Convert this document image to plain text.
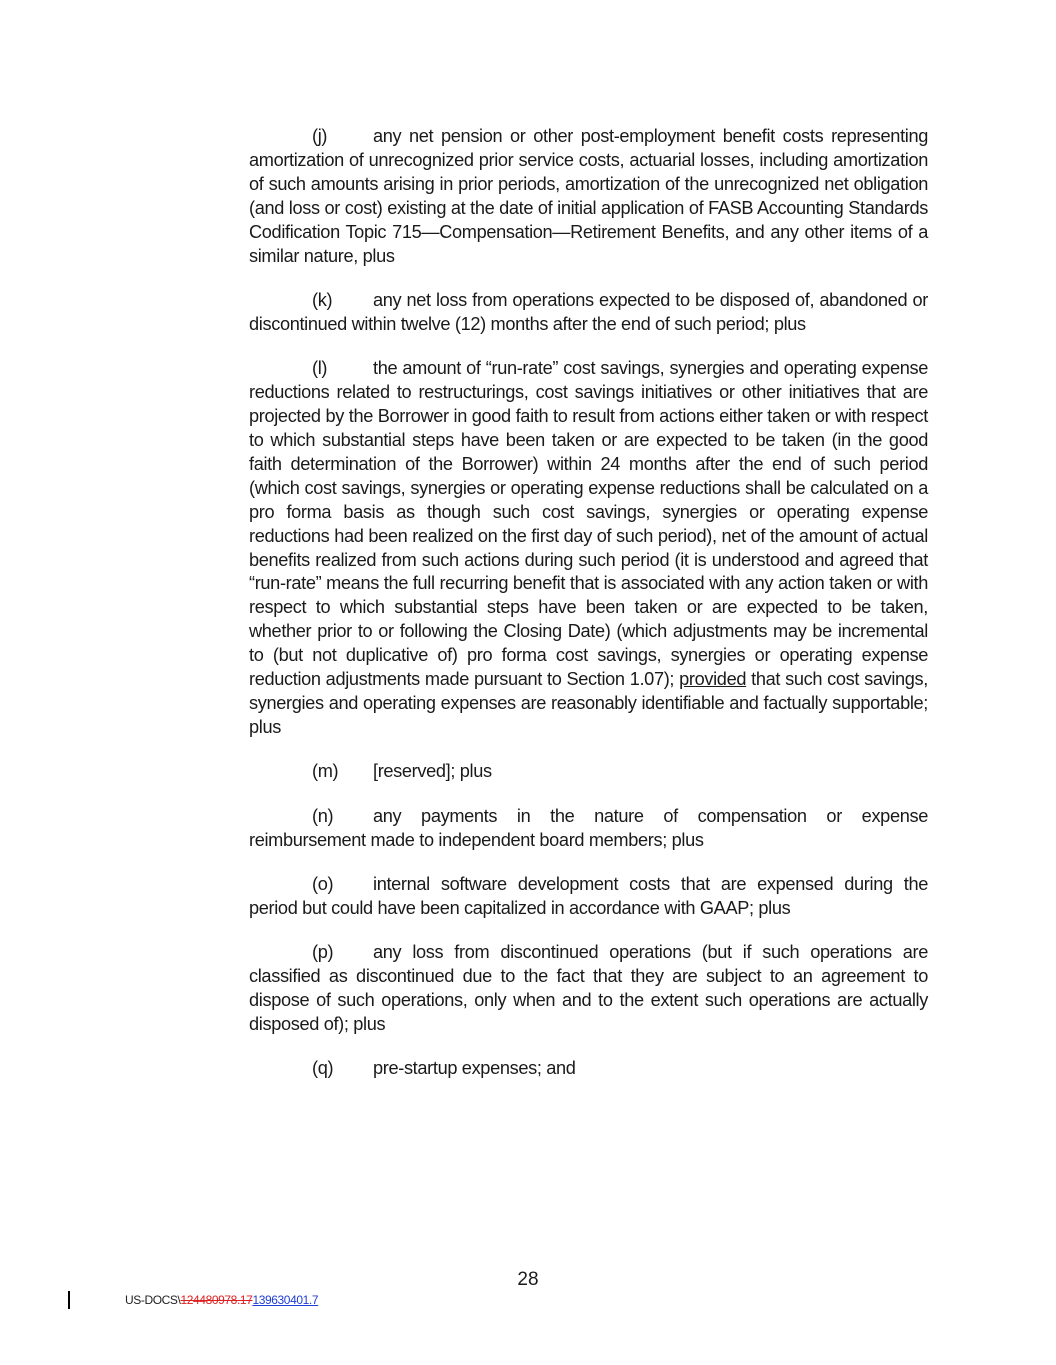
(j)	any net pension or other post-employment benefit costs representing amortization of unrecognized prior service costs, actuarial losses, including amortization of such amounts arising in prior periods, amortization of the unrecognized net obligation (and loss or cost) existing at the date of initial application of FASB Accounting Standards Codification Topic 715—Compensation—Retirement Benefits, and any other items of a similar nature, plus

(k) any net loss from operations expected to be disposed of, abandoned or discontinued within twelve (12) months after the end of such period; plus

(l)	the amount of “run-rate” cost savings, synergies and operating expense reductions related to restructurings, cost savings initiatives or other initiatives that are projected by the Borrower in good faith to result from actions either taken or with respect to which substantial steps have been taken or are expected to be taken (in the good faith determination of the Borrower) within 24 months after the end of such period (which cost savings, synergies or operating expense reductions shall be calculated on a pro forma basis as though such cost savings, synergies or operating expense reductions had been realized on the first day of such period), net of the amount of actual benefits realized from such actions during such period (it is understood and agreed that “run-rate” means the full recurring benefit that is associated with any action taken or with respect to which substantial steps have been taken or are expected to be taken, whether prior to or following the Closing Date) (which adjustments may be incremental to (but not duplicative of) pro forma cost savings, synergies or operating expense reduction adjustments made pursuant to Section 1.07); provided that such cost savings, synergies and operating expenses are reasonably identifiable and factually supportable; plus

(m) [reserved]; plus

(n) any payments in the nature of compensation or expense reimbursement made to independent board members; plus

(o) internal software development costs that are expensed during the period but could have been capitalized in accordance with GAAP; plus

(p) any loss from discontinued operations (but if such operations are classified as discontinued due to the fact that they are subject to an agreement to dispose of such operations, only when and to the extent such operations are actually disposed of); plus

(q) pre-startup expenses; and

28
US-DOCS\124480978.17139630401.7
